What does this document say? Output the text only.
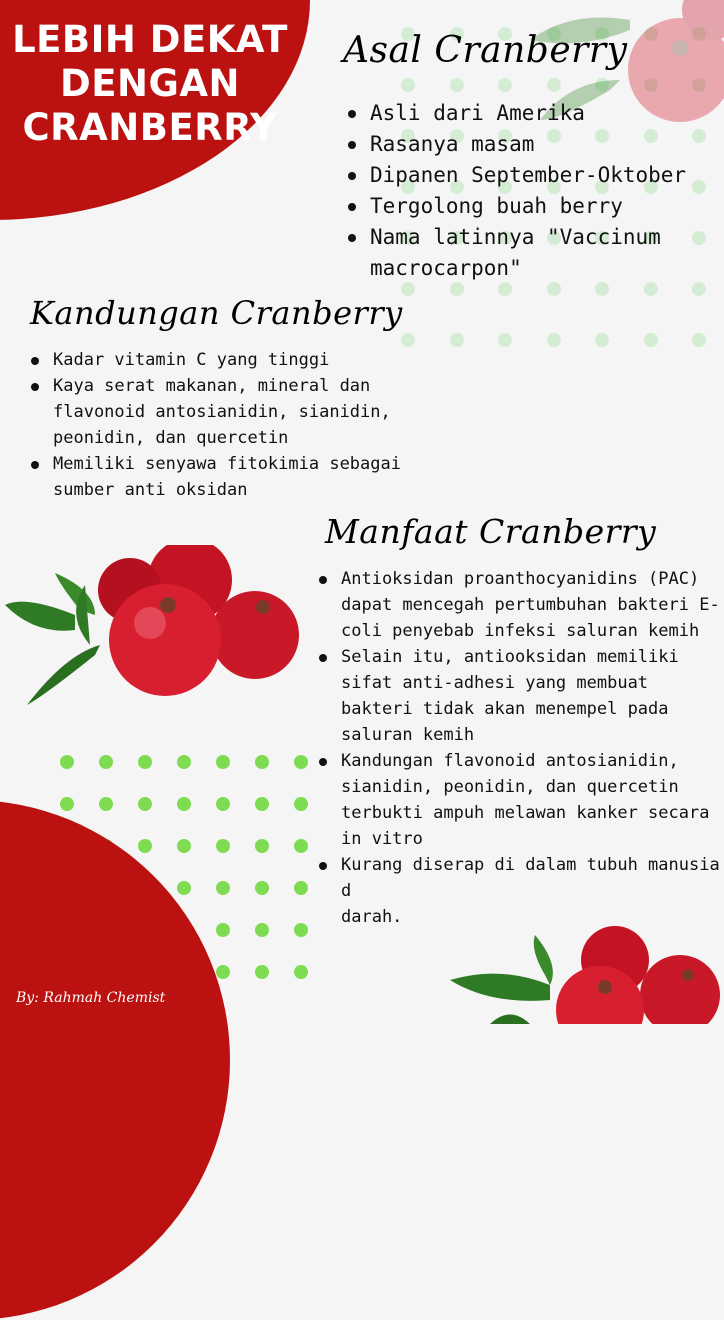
LEBIH DEKAT
DENGAN
CRANBERRY
Asal Cranberry
Asli dari Amerika
Rasanya masam
Dipanen September-Oktober
Tergolong buah berry
Nama latinnya "Vaccinum macrocarpon"
Kandungan Cranberry
Kadar vitamin C yang tinggi
Kaya serat makanan, mineral dan flavonoid antosianidin, sianidin, peonidin, dan quercetin
Memiliki senyawa fitokimia sebagai sumber anti oksidan
Manfaat Cranberry
Antioksidan proanthocyanidins (PAC) dapat mencegah pertumbuhan bakteri E-coli penyebab infeksi saluran kemih
Selain itu, antiooksidan memiliki sifat anti-adhesi yang membuat bakteri tidak akan menempel pada saluran kemih
Kandungan flavonoid antosianidin, sianidin, peonidin, dan quercetin terbukti ampuh melawan kanker secara in vitro
Kurang diserap di dalam tubuh manusia d
darah.
By: Rahmah Chemist
